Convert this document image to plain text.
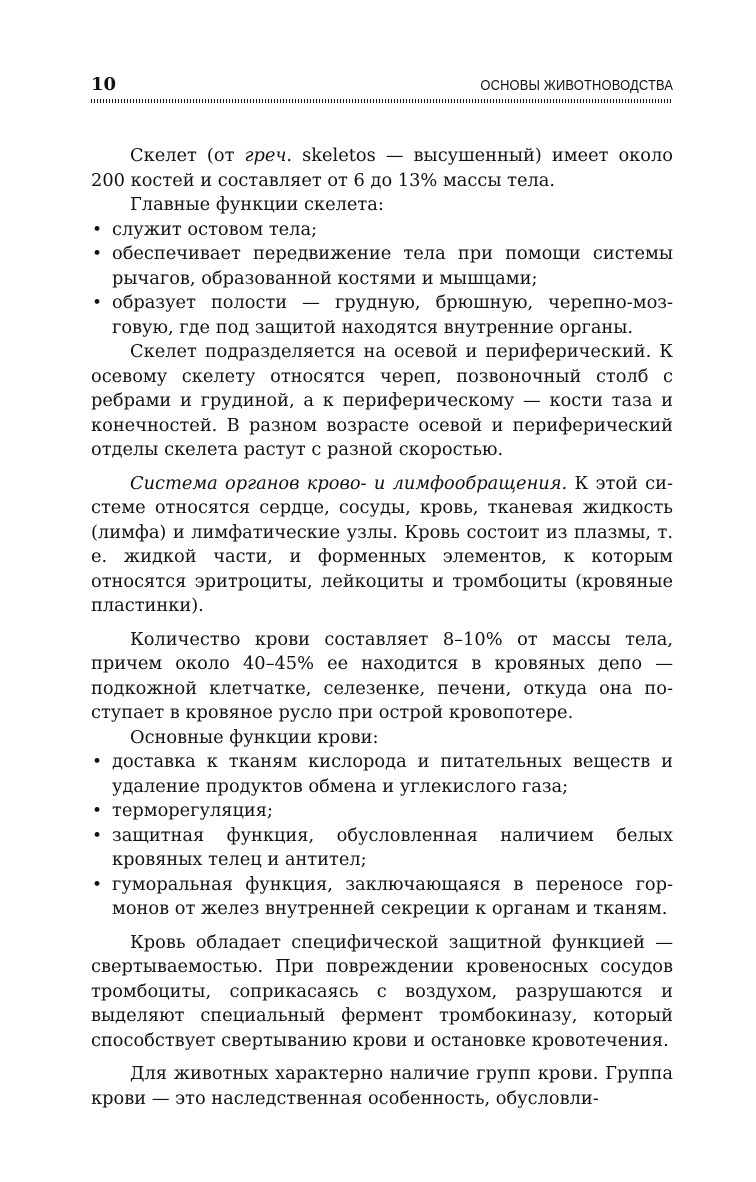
10	ОСНОВЫ ЖИВОТНОВОДСТВА

Скелет (от греч. skeletos — высушенный) имеет около 200 костей и составляет от 6 до 13% массы тела.

Главные функции скелета:

• служит остовом тела;
• обеспечивает передвижение тела при помощи системы рычагов, образованной костями и мышцами;
• образует полости — грудную, брюшную, черепно-мозговую, где под защитой находятся внутренние органы.

Скелет подразделяется на осевой и периферический. К осевому скелету относятся череп, позвоночный столб с ребрами и грудиной, а к периферическому — кости таза и конечностей. В разном возрасте осевой и периферический отделы скелета растут с разной скоростью.

Система органов крово- и лимфообращения. К этой системе относятся сердце, сосуды, кровь, тканевая жидкость (лимфа) и лимфатические узлы. Кровь состоит из плазмы, т. е. жидкой части, и форменных элементов, к которым относятся эритроциты, лейкоциты и тромбоциты (кровяные пластинки).

Количество крови составляет 8–10% от массы тела, причем около 40–45% ее находится в кровяных депо — подкожной клетчатке, селезенке, печени, откуда она поступает в кровяное русло при острой кровопотере.

Основные функции крови:

• доставка к тканям кислорода и питательных веществ и удаление продуктов обмена и углекислого газа;
• терморегуляция;
• защитная функция, обусловленная наличием белых кровяных телец и антител;
• гуморальная функция, заключающаяся в переносе гормонов от желез внутренней секреции к органам и тканям.

Кровь обладает специфической защитной функцией — свертываемостью. При повреждении кровеносных сосудов тромбоциты, соприкасаясь с воздухом, разрушаются и выделяют специальный фермент тромбокиназу, который способствует свертыванию крови и остановке кровотечения.

Для животных характерно наличие групп крови. Группа крови — это наследственная особенность, обусловли-
